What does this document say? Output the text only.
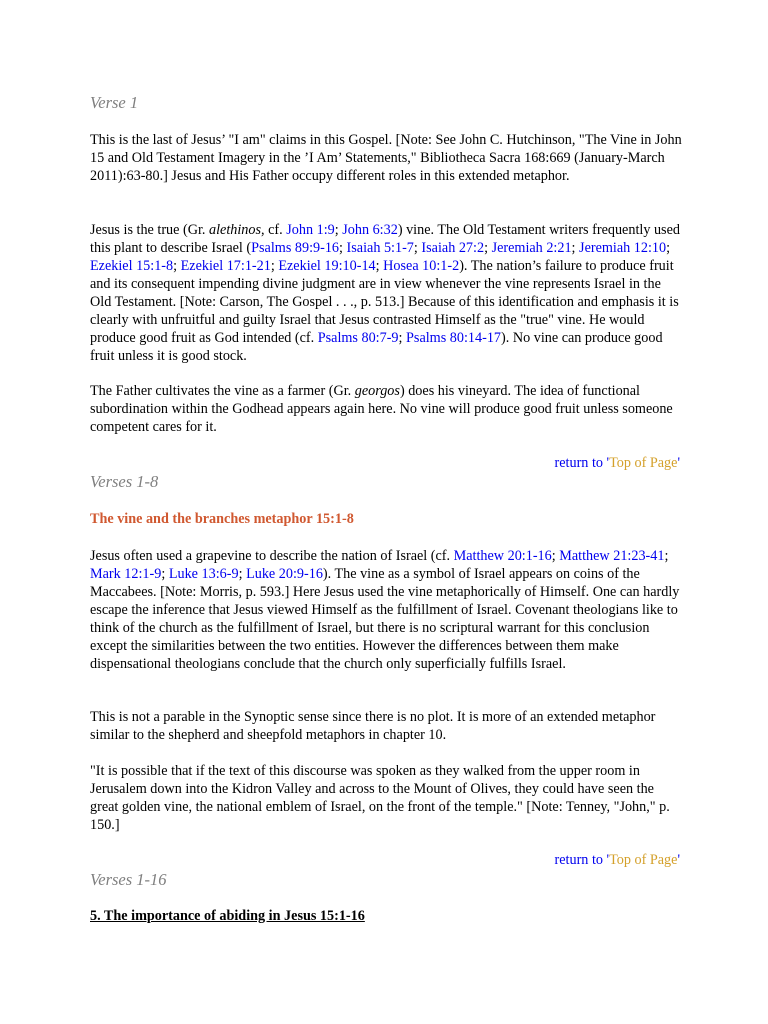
Verse 1

This is the last of Jesus’ "I am" claims in this Gospel. [Note: See John C. Hutchinson, "The Vine in John 15 and Old Testament Imagery in the ’I Am’ Statements," Bibliotheca Sacra 168:669 (January-March 2011):63-80.] Jesus and His Father occupy different roles in this extended metaphor.

Jesus is the true (Gr. alethinos, cf. John 1:9; John 6:32) vine. The Old Testament writers frequently used this plant to describe Israel (Psalms 89:9-16; Isaiah 5:1-7; Isaiah 27:2; Jeremiah 2:21; Jeremiah 12:10; Ezekiel 15:1-8; Ezekiel 17:1-21; Ezekiel 19:10-14; Hosea 10:1-2). The nation’s failure to produce fruit and its consequent impending divine judgment are in view whenever the vine represents Israel in the Old Testament. [Note: Carson, The Gospel . . ., p. 513.] Because of this identification and emphasis it is clearly with unfruitful and guilty Israel that Jesus contrasted Himself as the "true" vine. He would produce good fruit as God intended (cf. Psalms 80:7-9; Psalms 80:14-17). No vine can produce good fruit unless it is good stock.

The Father cultivates the vine as a farmer (Gr. georgos) does his vineyard. The idea of functional subordination within the Godhead appears again here. No vine will produce good fruit unless someone competent cares for it.

return to 'Top of Page'
Verses 1-8
The vine and the branches metaphor 15:1-8

Jesus often used a grapevine to describe the nation of Israel (cf. Matthew 20:1-16; Matthew 21:23-41; Mark 12:1-9; Luke 13:6-9; Luke 20:9-16). The vine as a symbol of Israel appears on coins of the Maccabees. [Note: Morris, p. 593.] Here Jesus used the vine metaphorically of Himself. One can hardly escape the inference that Jesus viewed Himself as the fulfillment of Israel. Covenant theologians like to think of the church as the fulfillment of Israel, but there is no scriptural warrant for this conclusion except the similarities between the two entities. However the differences between them make dispensational theologians conclude that the church only superficially fulfills Israel.

This is not a parable in the Synoptic sense since there is no plot. It is more of an extended metaphor similar to the shepherd and sheepfold metaphors in chapter 10.

"It is possible that if the text of this discourse was spoken as they walked from the upper room in Jerusalem down into the Kidron Valley and across to the Mount of Olives, they could have seen the great golden vine, the national emblem of Israel, on the front of the temple." [Note: Tenney, "John," p. 150.]

return to 'Top of Page'
Verses 1-16
5. The importance of abiding in Jesus 15:1-16
